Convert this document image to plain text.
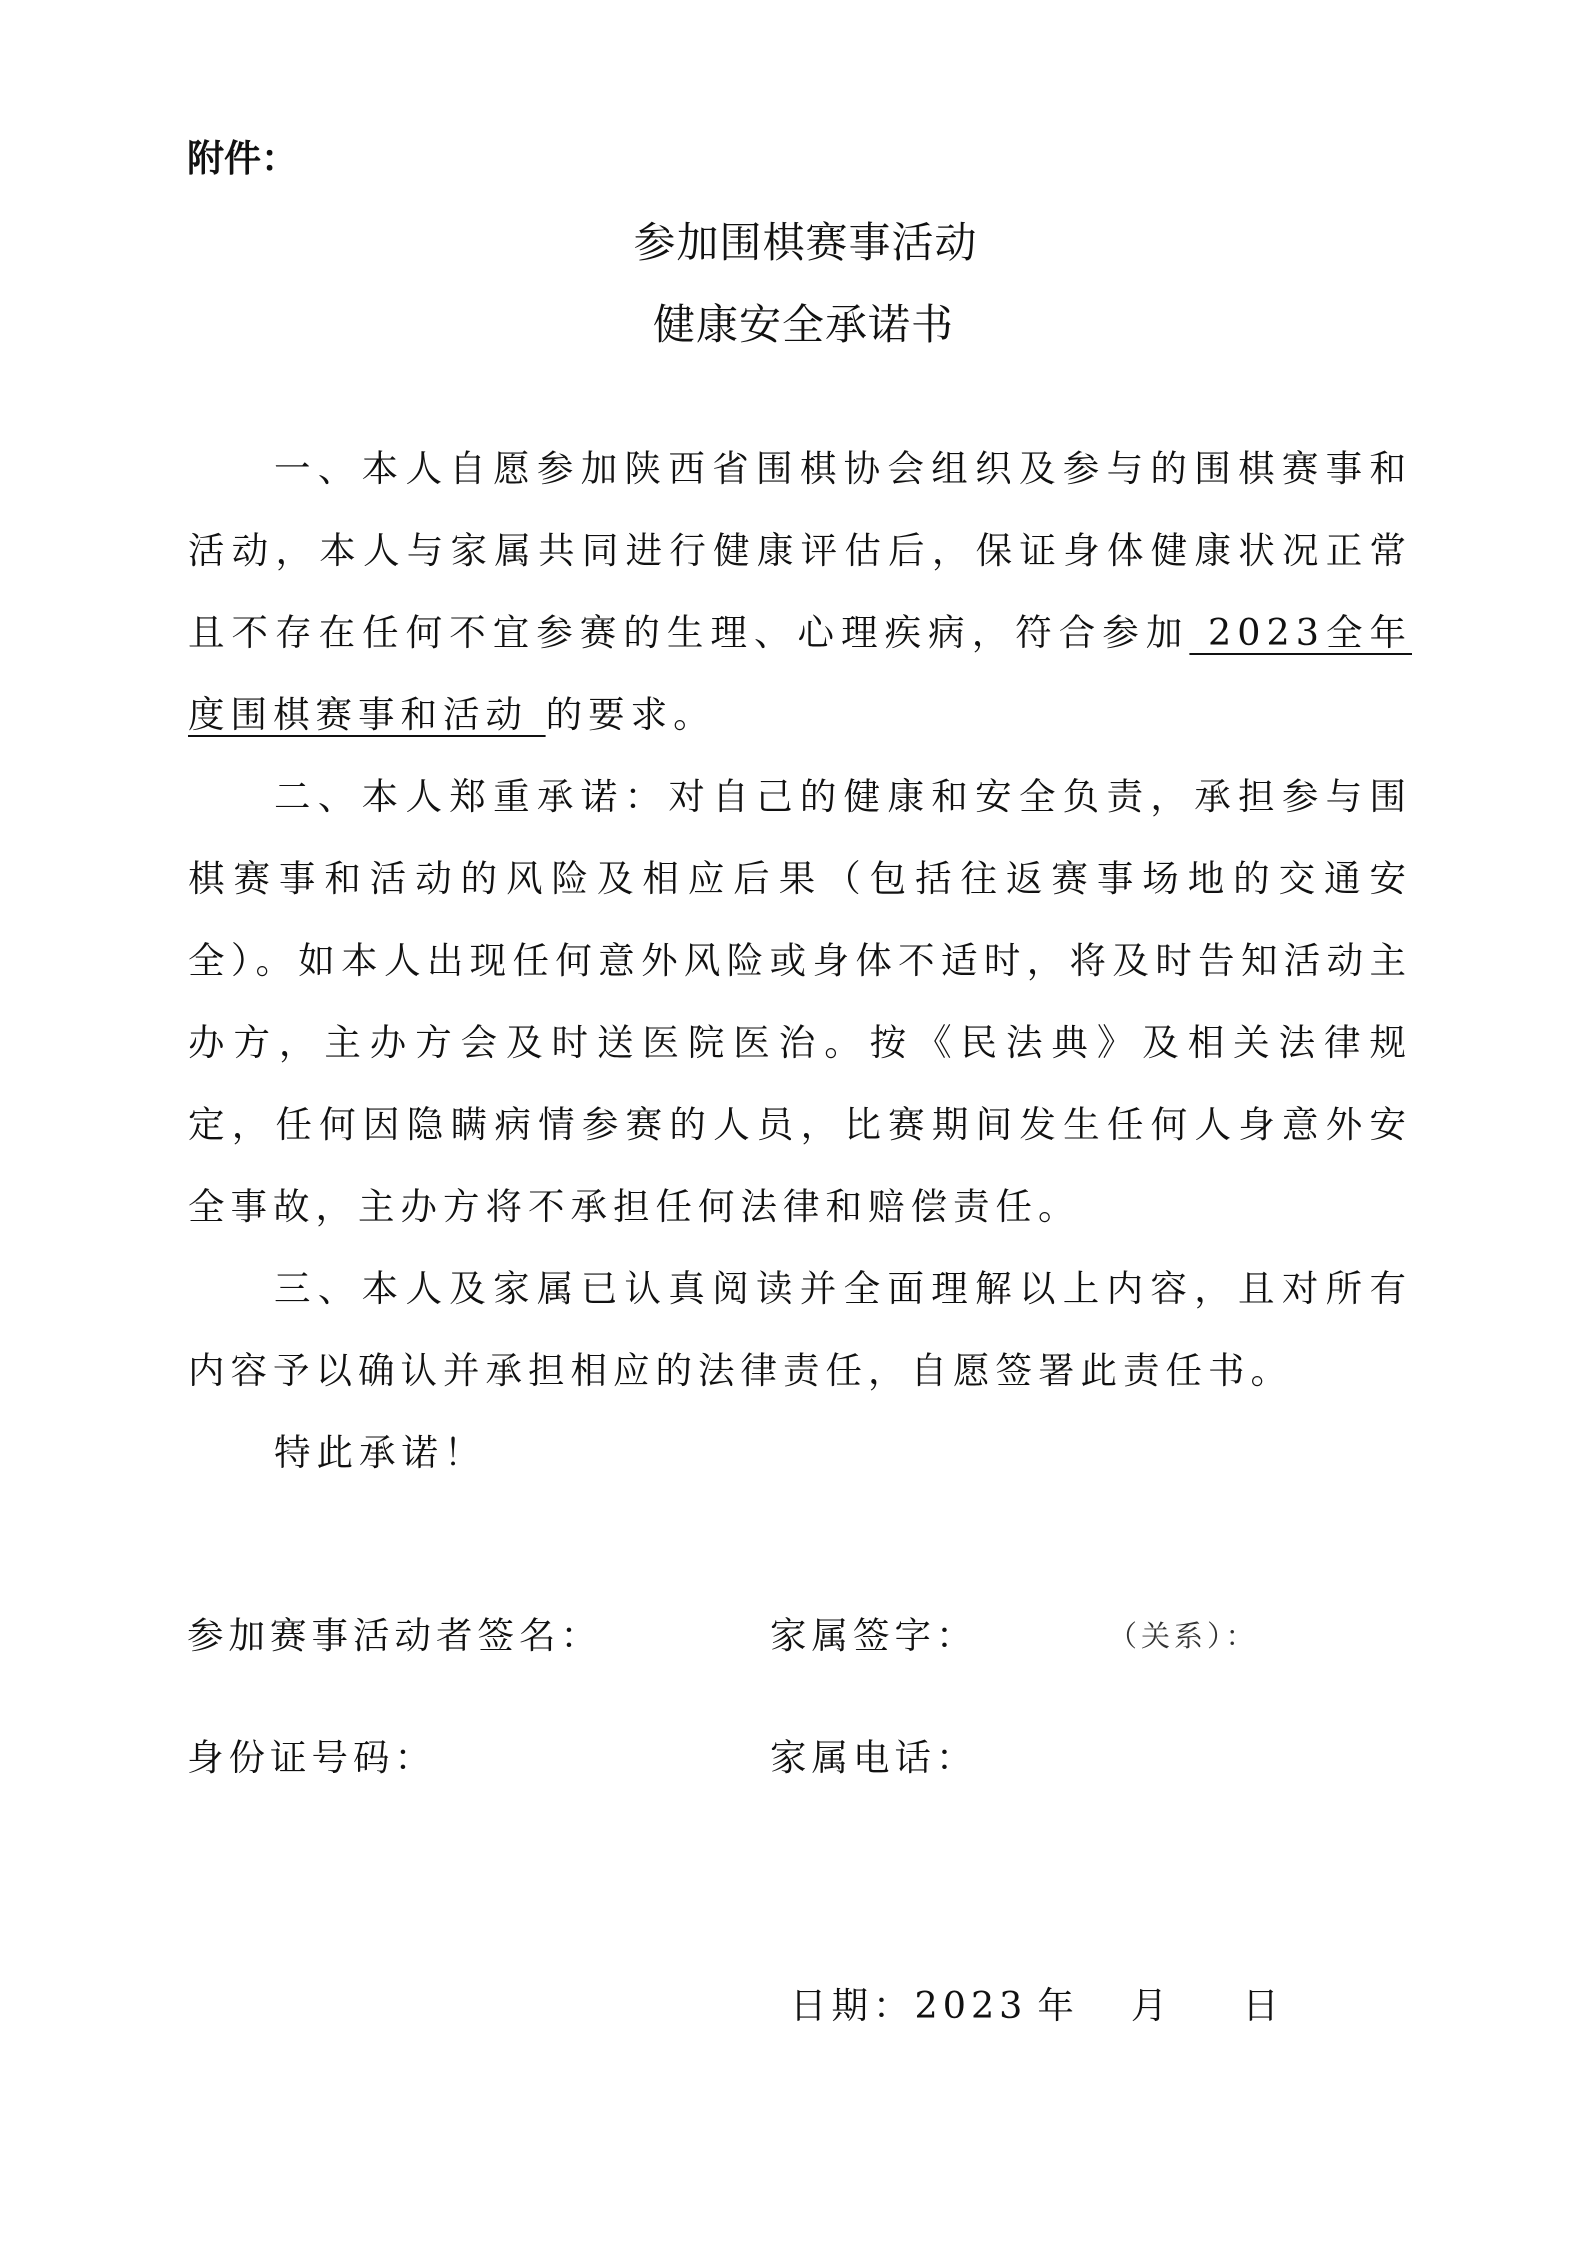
附件：
参加围棋赛事活动
健康安全承诺书

一、本人自愿参加陕西省围棋协会组织及参与的围棋赛事和活动，本人与家属共同进行健康评估后，保证身体健康状况正常且不存在任何不宜参赛的生理、心理疾病，符合参加 2023全年度围棋赛事和活动 的要求。

二、本人郑重承诺：对自己的健康和安全负责，承担参与围棋赛事和活动的风险及相应后果（包括往返赛事场地的交通安全）。如本人出现任何意外风险或身体不适时，将及时告知活动主办方，主办方会及时送医院医治。按《民法典》及相关法律规定，任何因隐瞒病情参赛的人员，比赛期间发生任何人身意外安全事故，主办方将不承担任何法律和赔偿责任。

三、本人及家属已认真阅读并全面理解以上内容，且对所有内容予以确认并承担相应的法律责任，自愿签署此责任书。

特此承诺！
参加赛事活动者签名：	家属签字：	（关系）：
身份证号码：	家属电话：
日期：2023 年 月 日
